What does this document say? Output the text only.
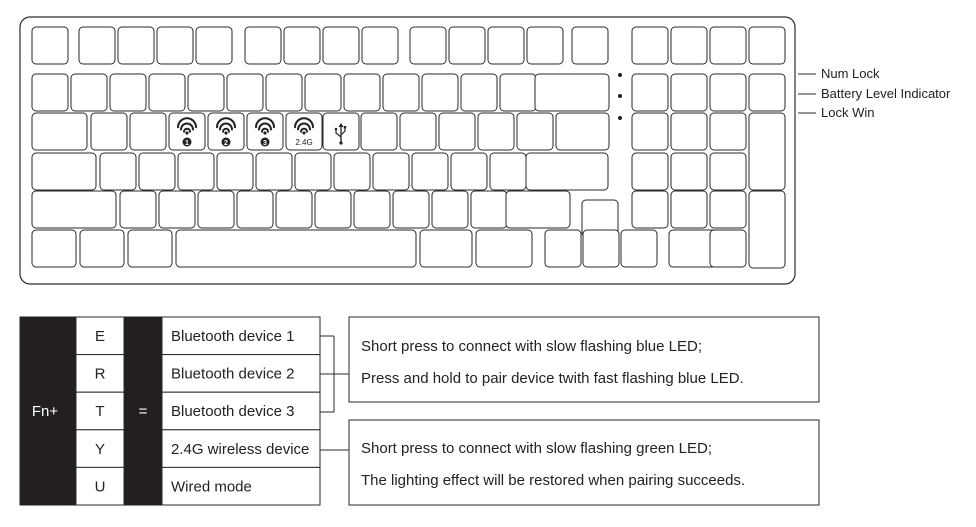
1	2	3	2.4G
Num Lock
Battery Level Indicator
Lock Win
Fn+	=
E	Bluetooth device 1
R	Bluetooth device 2
T	Bluetooth device 3
Y	2.4G wireless device
U	Wired mode
Short press to connect with slow flashing blue LED;
Press and hold to pair device twith fast flashing blue LED.
Short press to connect with slow flashing green LED;
The lighting effect will be restored when pairing succeeds.
